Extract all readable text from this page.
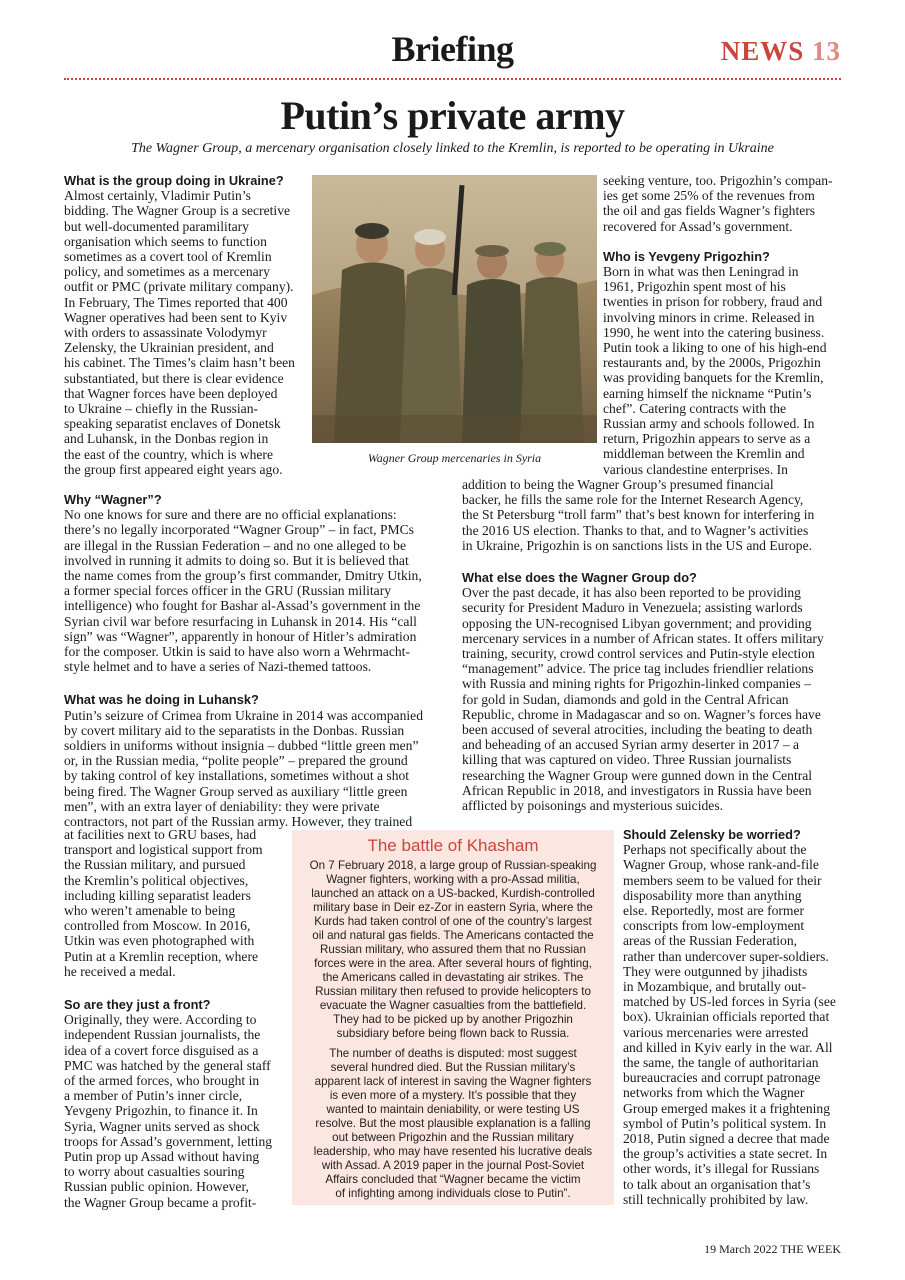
Briefing	NEWS 13
Putin’s private army
The Wagner Group, a mercenary organisation closely linked to the Kremlin, is reported to be operating in Ukraine

What is the group doing in Ukraine?

Almost certainly, Vladimir Putin’s
bidding. The Wagner Group is a secretive
but well-documented paramilitary
organisation which seems to function
sometimes as a covert tool of Kremlin
policy, and sometimes as a mercenary
outfit or PMC (private military company).
In February, The Times reported that 400
Wagner operatives had been sent to Kyiv
with orders to assassinate Volodymyr
Zelensky, the Ukrainian president, and
his cabinet. The Times’s claim hasn’t been
substantiated, but there is clear evidence
that Wagner forces have been deployed
to Ukraine – chiefly in the Russian-
speaking separatist enclaves of Donetsk
and Luhansk, in the Donbas region in
the east of the country, which is where
the group first appeared eight years ago.
Wagner Group mercenaries in Syria
seeking venture, too. Prigozhin’s compan-
ies get some 25% of the revenues from
the oil and gas fields Wagner’s fighters
recovered for Assad’s government.

Who is Yevgeny Prigozhin?

Born in what was then Leningrad in
1961, Prigozhin spent most of his
twenties in prison for robbery, fraud and
involving minors in crime. Released in
1990, he went into the catering business.
Putin took a liking to one of his high-end
restaurants and, by the 2000s, Prigozhin
was providing banquets for the Kremlin,
earning himself the nickname “Putin’s
chef”. Catering contracts with the
Russian army and schools followed. In
return, Prigozhin appears to serve as a
middleman between the Kremlin and
various clandestine enterprises. In
addition to being the Wagner Group’s presumed financial
backer, he fills the same role for the Internet Research Agency,
the St Petersburg “troll farm” that’s best known for interfering in
the 2016 US election. Thanks to that, and to Wagner’s activities
in Ukraine, Prigozhin is on sanctions lists in the US and Europe.

What else does the Wagner Group do?

Over the past decade, it has also been reported to be providing
security for President Maduro in Venezuela; assisting warlords
opposing the UN-recognised Libyan government; and providing
mercenary services in a number of African states. It offers military
training, security, crowd control services and Putin-style election
“management” advice. The price tag includes friendlier relations
with Russia and mining rights for Prigozhin-linked companies –
for gold in Sudan, diamonds and gold in the Central African
Republic, chrome in Madagascar and so on. Wagner’s forces have
been accused of several atrocities, including the beating to death
and beheading of an accused Syrian army deserter in 2017 – a
killing that was captured on video. Three Russian journalists
researching the Wagner Group were gunned down in the Central
African Republic in 2018, and investigators in Russia have been
afflicted by poisonings and mysterious suicides.

Why “Wagner”?

No one knows for sure and there are no official explanations:
there’s no legally incorporated “Wagner Group” – in fact, PMCs
are illegal in the Russian Federation – and no one alleged to be
involved in running it admits to doing so. But it is believed that
the name comes from the group’s first commander, Dmitry Utkin,
a former special forces officer in the GRU (Russian military
intelligence) who fought for Bashar al-Assad’s government in the
Syrian civil war before resurfacing in Luhansk in 2014. His “call
sign” was “Wagner”, apparently in honour of Hitler’s admiration
for the composer. Utkin is said to have also worn a Wehrmacht-
style helmet and to have a series of Nazi-themed tattoos.

What was he doing in Luhansk?

Putin’s seizure of Crimea from Ukraine in 2014 was accompanied
by covert military aid to the separatists in the Donbas. Russian
soldiers in uniforms without insignia – dubbed “little green men”
or, in the Russian media, “polite people” – prepared the ground
by taking control of key installations, sometimes without a shot
being fired. The Wagner Group served as auxiliary “little green
men”, with an extra layer of deniability: they were private
contractors, not part of the Russian army. However, they trained
at facilities next to GRU bases, had
transport and logistical support from
the Russian military, and pursued
the Kremlin’s political objectives,
including killing separatist leaders
who weren’t amenable to being
controlled from Moscow. In 2016,
Utkin was even photographed with
Putin at a Kremlin reception, where
he received a medal.

So are they just a front?

Originally, they were. According to
independent Russian journalists, the
idea of a covert force disguised as a
PMC was hatched by the general staff
of the armed forces, who brought in
a member of Putin’s inner circle,
Yevgeny Prigozhin, to finance it. In
Syria, Wagner units served as shock
troops for Assad’s government, letting
Putin prop up Assad without having
to worry about casualties souring
Russian public opinion. However,
the Wagner Group became a profit-
The battle of Khasham
On 7 February 2018, a large group of Russian-speaking
Wagner fighters, working with a pro-Assad militia,
launched an attack on a US-backed, Kurdish-controlled
military base in Deir ez-Zor in eastern Syria, where the
Kurds had taken control of one of the country’s largest
oil and natural gas fields. The Americans contacted the
Russian military, who assured them that no Russian
forces were in the area. After several hours of fighting,
the Americans called in devastating air strikes. The
Russian military then refused to provide helicopters to
evacuate the Wagner casualties from the battlefield.
They had to be picked up by another Prigozhin
subsidiary before being flown back to Russia.
The number of deaths is disputed: most suggest
several hundred died. But the Russian military’s
apparent lack of interest in saving the Wagner fighters
is even more of a mystery. It’s possible that they
wanted to maintain deniability, or were testing US
resolve. But the most plausible explanation is a falling
out between Prigozhin and the Russian military
leadership, who may have resented his lucrative deals
with Assad. A 2019 paper in the journal Post-Soviet
Affairs concluded that “Wagner became the victim
of infighting among individuals close to Putin”.

Should Zelensky be worried?

Perhaps not specifically about the
Wagner Group, whose rank-and-file
members seem to be valued for their
disposability more than anything
else. Reportedly, most are former
conscripts from low-employment
areas of the Russian Federation,
rather than undercover super-soldiers.
They were outgunned by jihadists
in Mozambique, and brutally out-
matched by US-led forces in Syria (see
box). Ukrainian officials reported that
various mercenaries were arrested
and killed in Kyiv early in the war. All
the same, the tangle of authoritarian
bureaucracies and corrupt patronage
networks from which the Wagner
Group emerged makes it a frightening
symbol of Putin’s political system. In
2018, Putin signed a decree that made
the group’s activities a state secret. In
other words, it’s illegal for Russians
to talk about an organisation that’s
still technically prohibited by law.
19 March 2022 THE WEEK
